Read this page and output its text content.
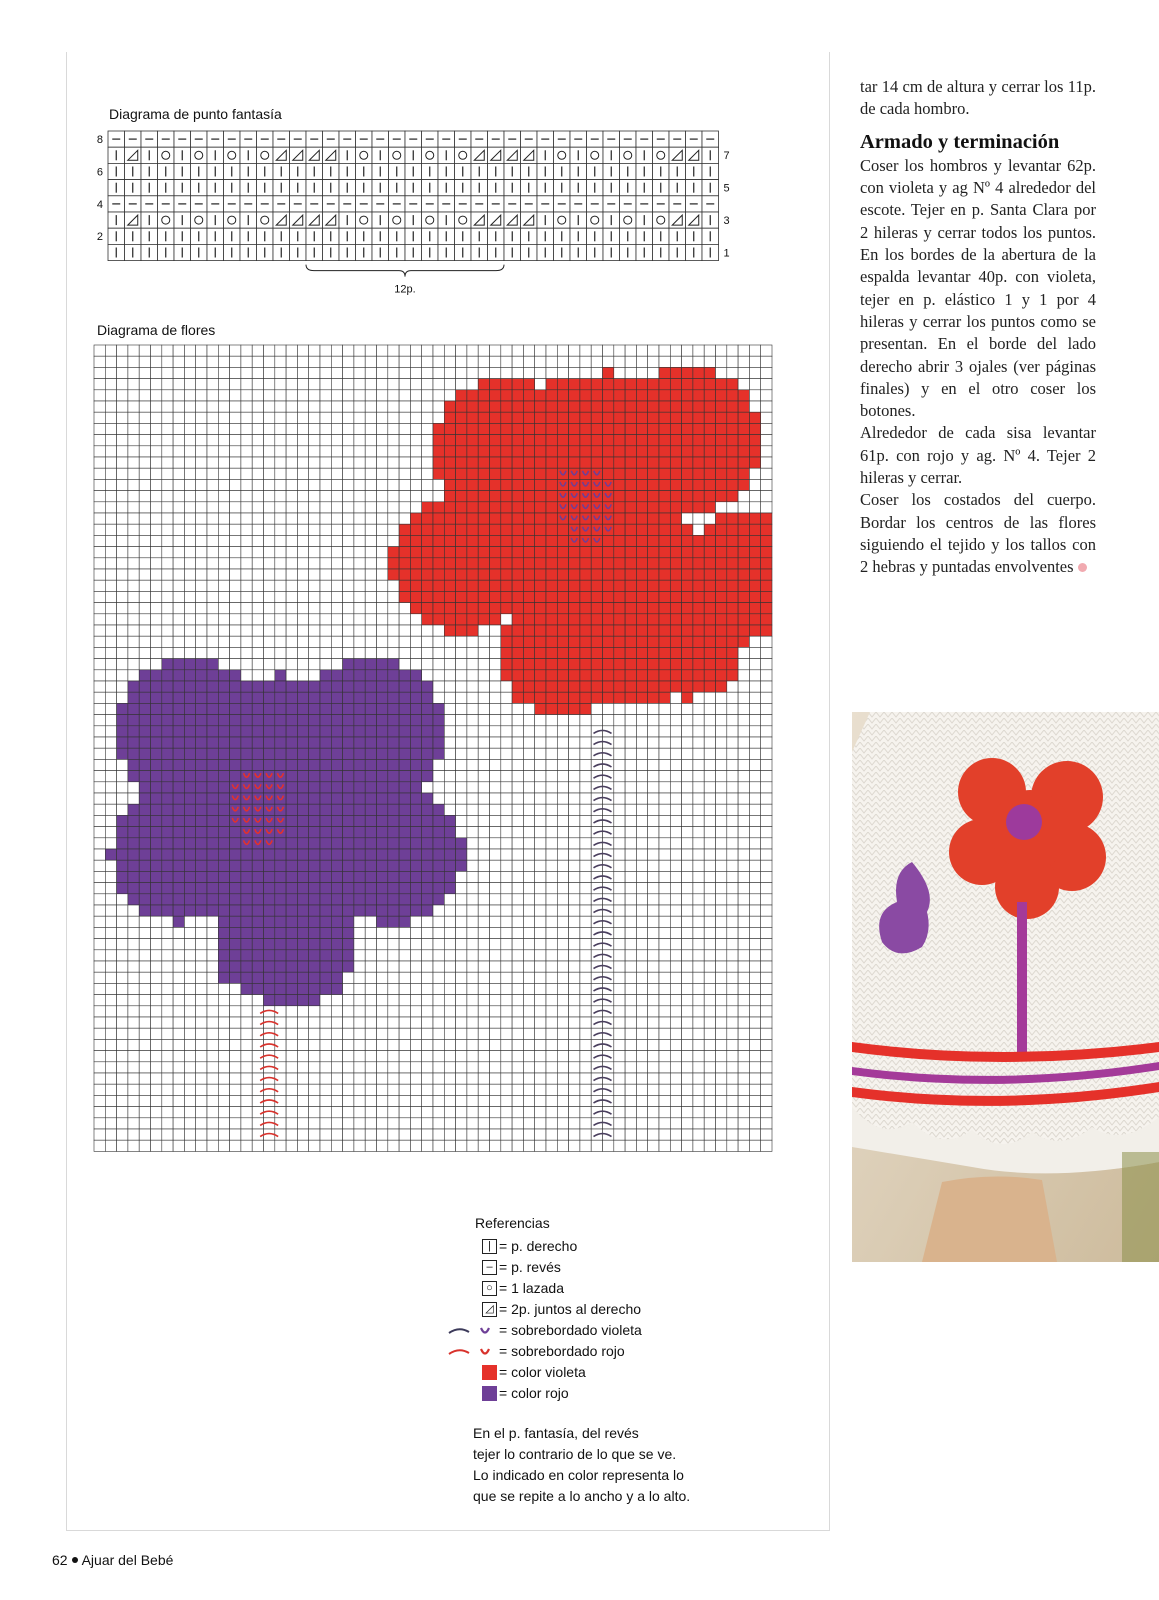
Diagrama de punto fantasía
8
6
4
2
7
5
3
1
12p.
Diagrama de flores
Referencias
| = p. derecho
– = p. revés
○ = 1 lazada
◿ = 2p. juntos al derecho
= sobrebordado violeta
= sobrebordado rojo
= color violeta
= color rojo
En el p. fantasía, del revés
tejer lo contrario de lo que se ve.
Lo indicado en color representa lo
que se repite a lo ancho y a lo alto.

tar 14 cm de altura y cerrar los 11p. de cada hombro.

Armado y terminación

Coser los hombros y levantar 62p. con violeta y ag Nº 4 alrededor del escote. Tejer en p. Santa Clara por 2 hileras y cerrar todos los puntos. En los bordes de la abertura de la espalda levantar 40p. con violeta, tejer en p. elástico 1 y 1 por 4 hileras y cerrar los puntos como se presentan. En el borde del lado derecho abrir 3 ojales (ver páginas finales) y en el otro coser los botones.

Alrededor de cada sisa levantar 61p. con rojo y ag. Nº 4. Tejer 2 hileras y cerrar.

Coser los costados del cuerpo. Bordar los centros de las flores siguiendo el tejido y los tallos con 2 hebras y puntadas envolventes

62 Ajuar del Bebé
